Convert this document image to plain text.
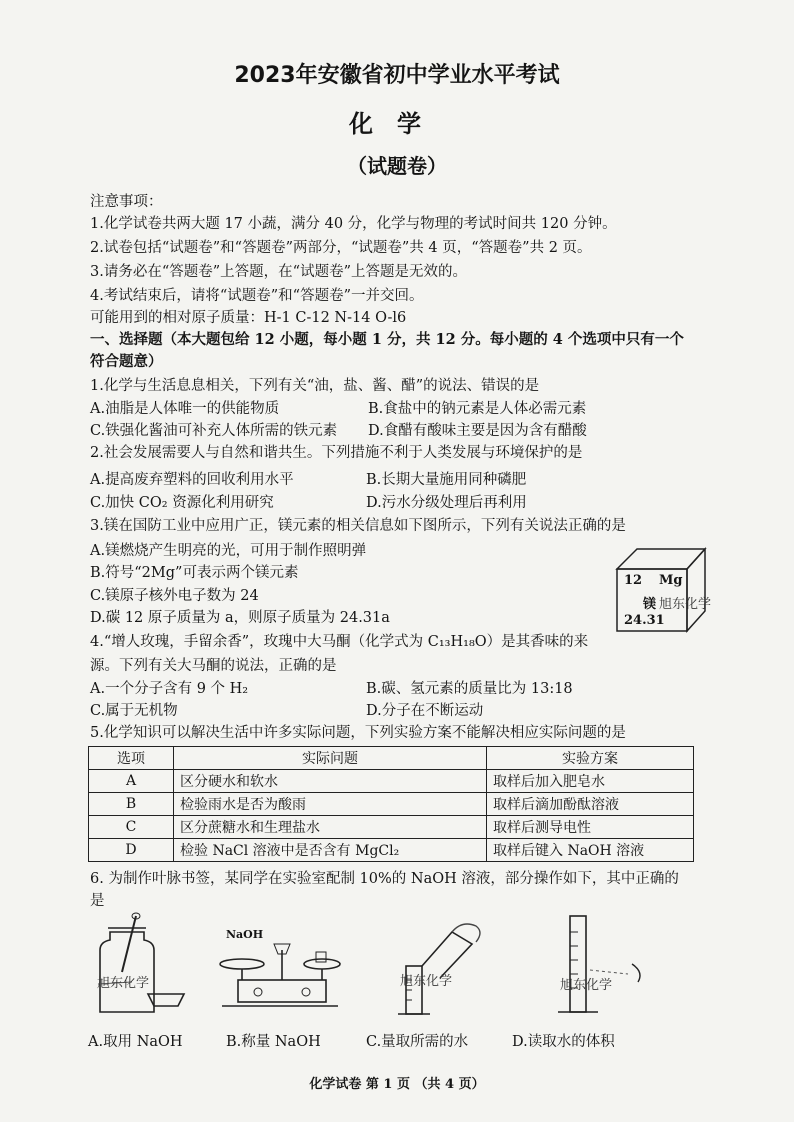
2023年安徽省初中学业水平考试
化学
（试题卷）
注意事项：
1.化学试卷共两大题 17 小蔬，满分 40 分，化学与物理的考试时间共 120 分钟。
2.试卷包括“试题卷”和“答题卷”两部分，“试题卷”共 4 页，“答题卷”共 2 页。
3.请务必在“答题卷”上答题，在“试题卷”上答题是无效的。
4.考试结束后，请将“试题卷”和“答题卷”一并交回。
可能用到的相对原子质量：H-1 C-12 N-14 O-l6
一、选择题（本大题包给 12 小题，每小题 1 分，共 12 分。每小题的 4 个选项中只有一个
符合题意）
1.化学与生活息息相关，下列有关“油，盐、酱、醋”的说法、错误的是
A.油脂是人体唯一的供能物质	B.食盐中的钠元素是人体必需元素
C.铁强化酱油可补充人体所需的铁元素 D.食醋有酸味主要是因为含有醋酸
2.社会发展需要人与自然和谐共生。下列措施不利于人类发展与环境保护的是
A.提高废弃塑料的回收利用水平	B.长期大量施用同种磷肥
C.加快 CO₂ 资源化利用研究	D.污水分级处理后再利用
3.镁在国防工业中应用广正，镁元素的相关信息如下图所示，下列有关说法正确的是
A.镁燃烧产生明亮的光，可用于制作照明弹
B.符号“2Mg”可表示两个镁元素
C.镁原子核外电子数为 24
D.碳 12 原子质量为 a，则原子质量为 24.31a
12 Mg
镁 旭东化学
24.31
4.“增人玫瑰，手留余香”，玫瑰中大马酮（化学式为 C₁₃H₁₈O）是其香味的来
源。下列有关大马酮的说法，正确的是
A.一个分子含有 9 个 H₂	B.碳、氢元素的质量比为 13:18
C.属于无机物	D.分子在不断运动
5.化学知识可以解决生活中许多实际问题，下列实验方案不能解决相应实际问题的是
选项	实际问题	实验方案
A	区分硬水和软水	取样后加入肥皂水
B	检验雨水是否为酸雨	取样后滴加酚酞溶液
C	区分蔗糖水和生理盐水	取样后测导电性
D	检验 NaCl 溶液中是否含有 MgCl₂	取样后键入 NaOH 溶液
6. 为制作叶脉书签，某同学在实验室配制 10%的 NaOH 溶液，部分操作如下，其中正确的
是
旭东化学
NaOH
旭东化学	旭东化学
A.取用 NaOH	B.称量 NaOH	C.量取所需的水	D.读取水的体积
化学试卷 第 1 页 （共 4 页）
